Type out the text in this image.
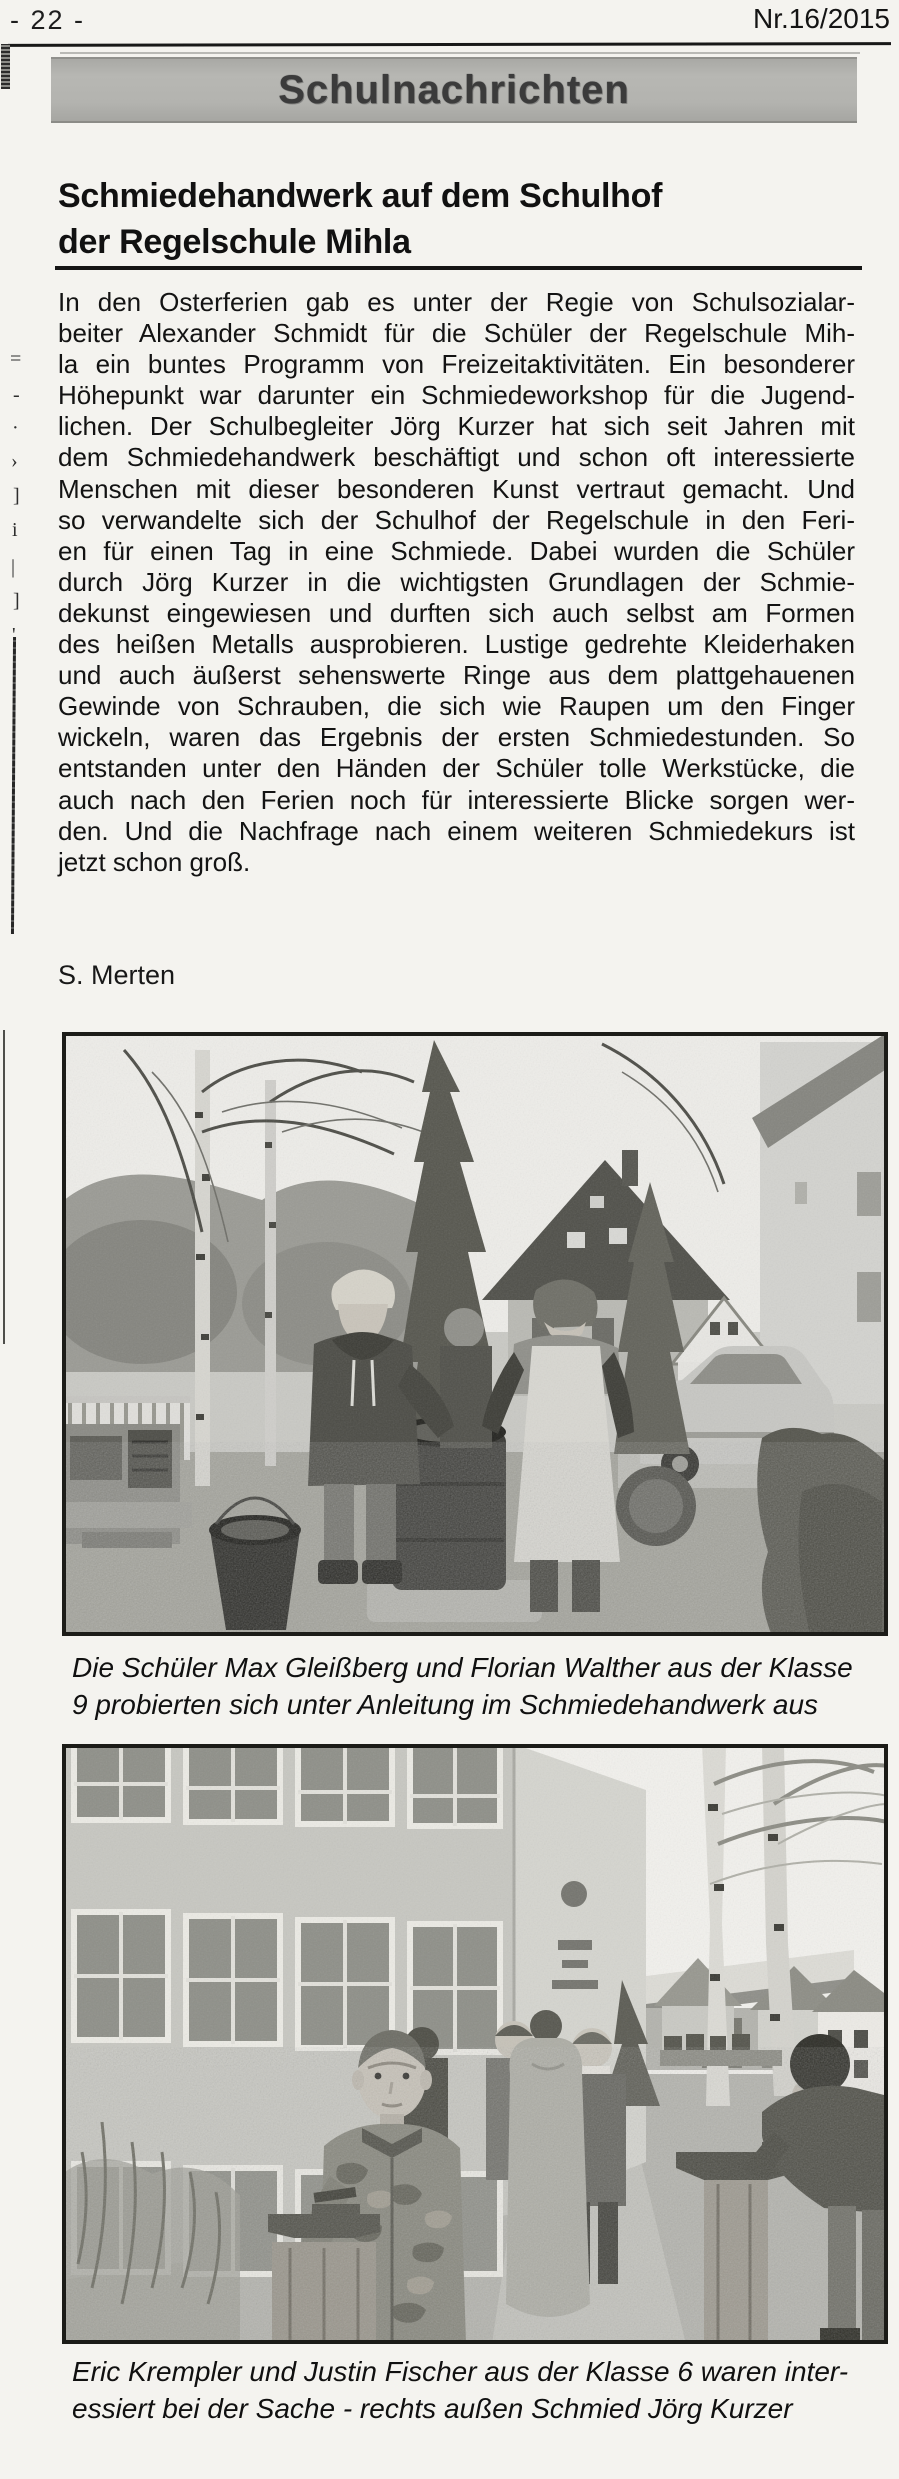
- 22 -	Nr.16/2015
Schulnachrichten
Schmiedehandwerk auf dem Schulhof
der Regelschule Mihla
In den Osterferien gab es unter der Regie von Schulsozialar-
beiter Alexander Schmidt für die Schüler der Regelschule Mih-
la ein buntes Programm von Freizeitaktivitäten. Ein besonderer
Höhepunkt war darunter ein Schmiedeworkshop für die Jugend-
lichen. Der Schulbegleiter Jörg Kurzer hat sich seit Jahren mit
dem Schmiedehandwerk beschäftigt und schon oft interessierte
Menschen mit dieser besonderen Kunst vertraut gemacht. Und
so verwandelte sich der Schulhof der Regelschule in den Feri-
en für einen Tag in eine Schmiede. Dabei wurden die Schüler
durch Jörg Kurzer in die wichtigsten Grundlagen der Schmie-
dekunst eingewiesen und durften sich auch selbst am Formen
des heißen Metalls ausprobieren. Lustige gedrehte Kleiderhaken
und auch äußerst sehenswerte Ringe aus dem plattgehauenen
Gewinde von Schrauben, die sich wie Raupen um den Finger
wickeln, waren das Ergebnis der ersten Schmiedestunden. So
entstanden unter den Händen der Schüler tolle Werkstücke, die
auch nach den Ferien noch für interessierte Blicke sorgen wer-
den. Und die Nachfrage nach einem weiteren Schmiedekurs ist
jetzt schon groß.
S. Merten
Die Schüler Max Gleißberg und Florian Walther aus der Klasse
9 probierten sich unter Anleitung im Schmiedehandwerk aus
Eric Krempler und Justin Fischer aus der Klasse 6 waren inter-
essiert bei der Sache - rechts außen Schmied Jörg Kurzer
=
-
·
›
]
i
|
]
'
